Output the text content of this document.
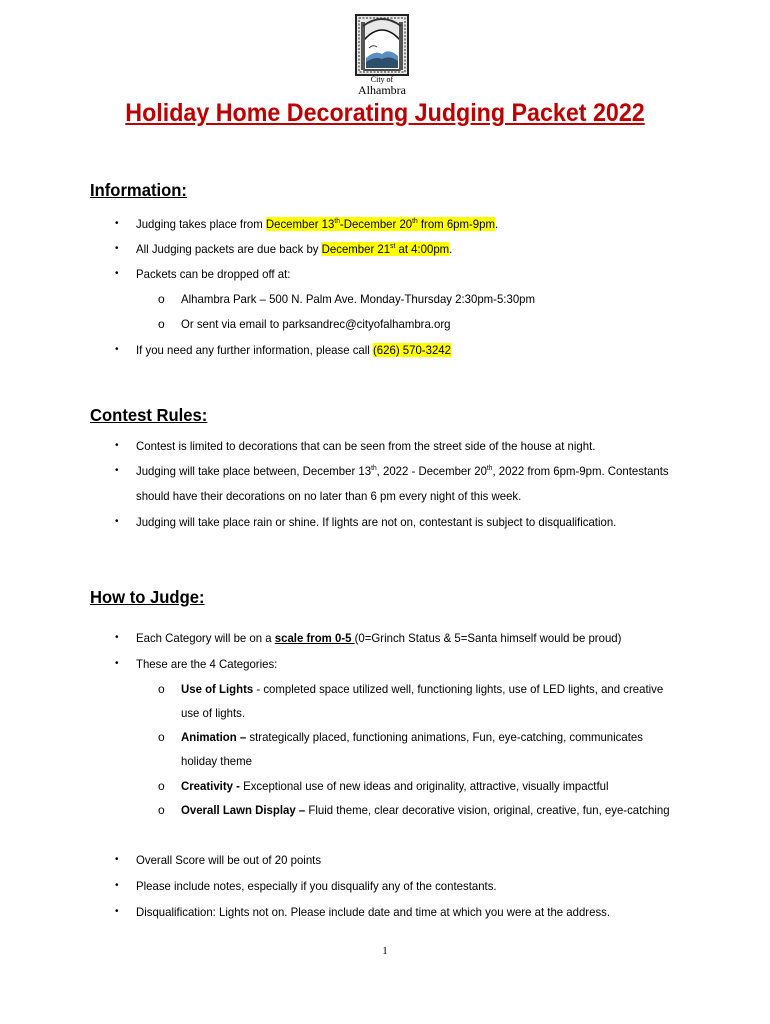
City of
Alhambra
Holiday Home Decorating Judging Packet 2022
Information:
• Judging takes place from December 13th-December 20th from 6pm-9pm.
• All Judging packets are due back by December 21st at 4:00pm.
• Packets can be dropped off at:
o Alhambra Park – 500 N. Palm Ave. Monday-Thursday 2:30pm-5:30pm
o Or sent via email to parksandrec@cityofalhambra.org
• If you need any further information, please call (626) 570-3242
Contest Rules:
• Contest is limited to decorations that can be seen from the street side of the house at night.
• Judging will take place between, December 13th, 2022 - December 20th, 2022 from 6pm-9pm. Contestants
should have their decorations on no later than 6 pm every night of this week.
• Judging will take place rain or shine. If lights are not on, contestant is subject to disqualification.
How to Judge:
• Each Category will be on a scale from 0-5 (0=Grinch Status & 5=Santa himself would be proud)
• These are the 4 Categories:
o Use of Lights - completed space utilized well, functioning lights, use of LED lights, and creative
use of lights.
o Animation – strategically placed, functioning animations, Fun, eye-catching, communicates
holiday theme
o Creativity - Exceptional use of new ideas and originality, attractive, visually impactful
o Overall Lawn Display – Fluid theme, clear decorative vision, original, creative, fun, eye-catching
• Overall Score will be out of 20 points
• Please include notes, especially if you disqualify any of the contestants.
• Disqualification: Lights not on. Please include date and time at which you were at the address.
1
